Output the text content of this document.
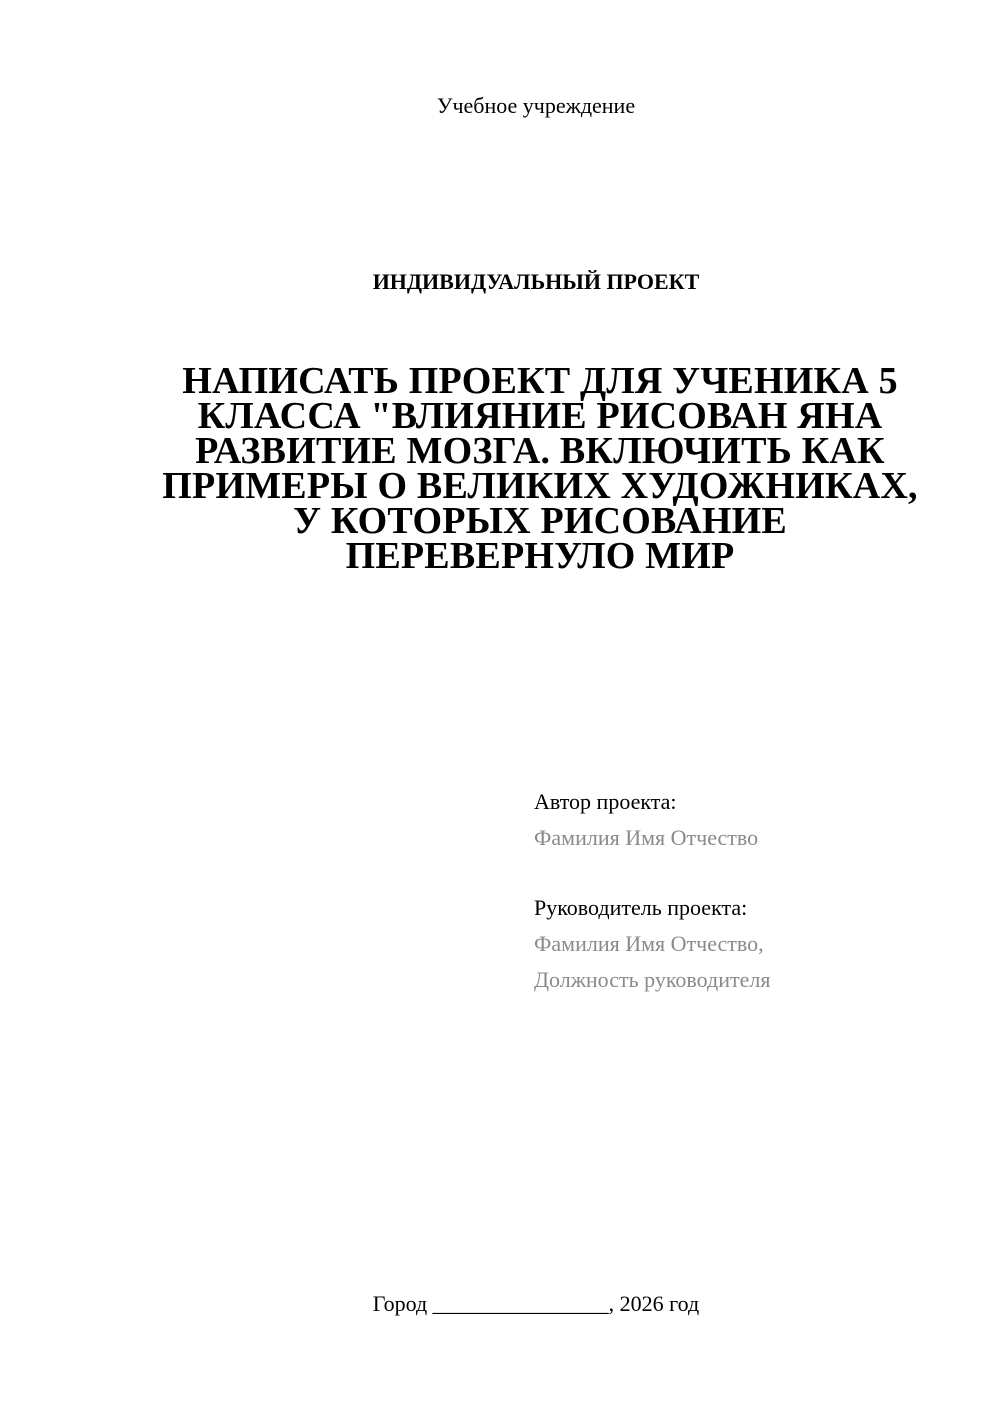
Учебное учреждение
ИНДИВИДУАЛЬНЫЙ ПРОЕКТ
НАПИСАТЬ ПРОЕКТ ДЛЯ УЧЕНИКА 5
КЛАССА "ВЛИЯНИЕ РИСОВАН ЯНА
РАЗВИТИЕ МОЗГА. ВКЛЮЧИТЬ КАК
ПРИМЕРЫ О ВЕЛИКИХ ХУДОЖНИКАХ,
У КОТОРЫХ РИСОВАНИЕ
ПЕРЕВЕРНУЛО МИР
Автор проекта:
Фамилия Имя Отчество
Руководитель проекта:
Фамилия Имя Отчество,
Должность руководителя
Город ________________, 2026 год
